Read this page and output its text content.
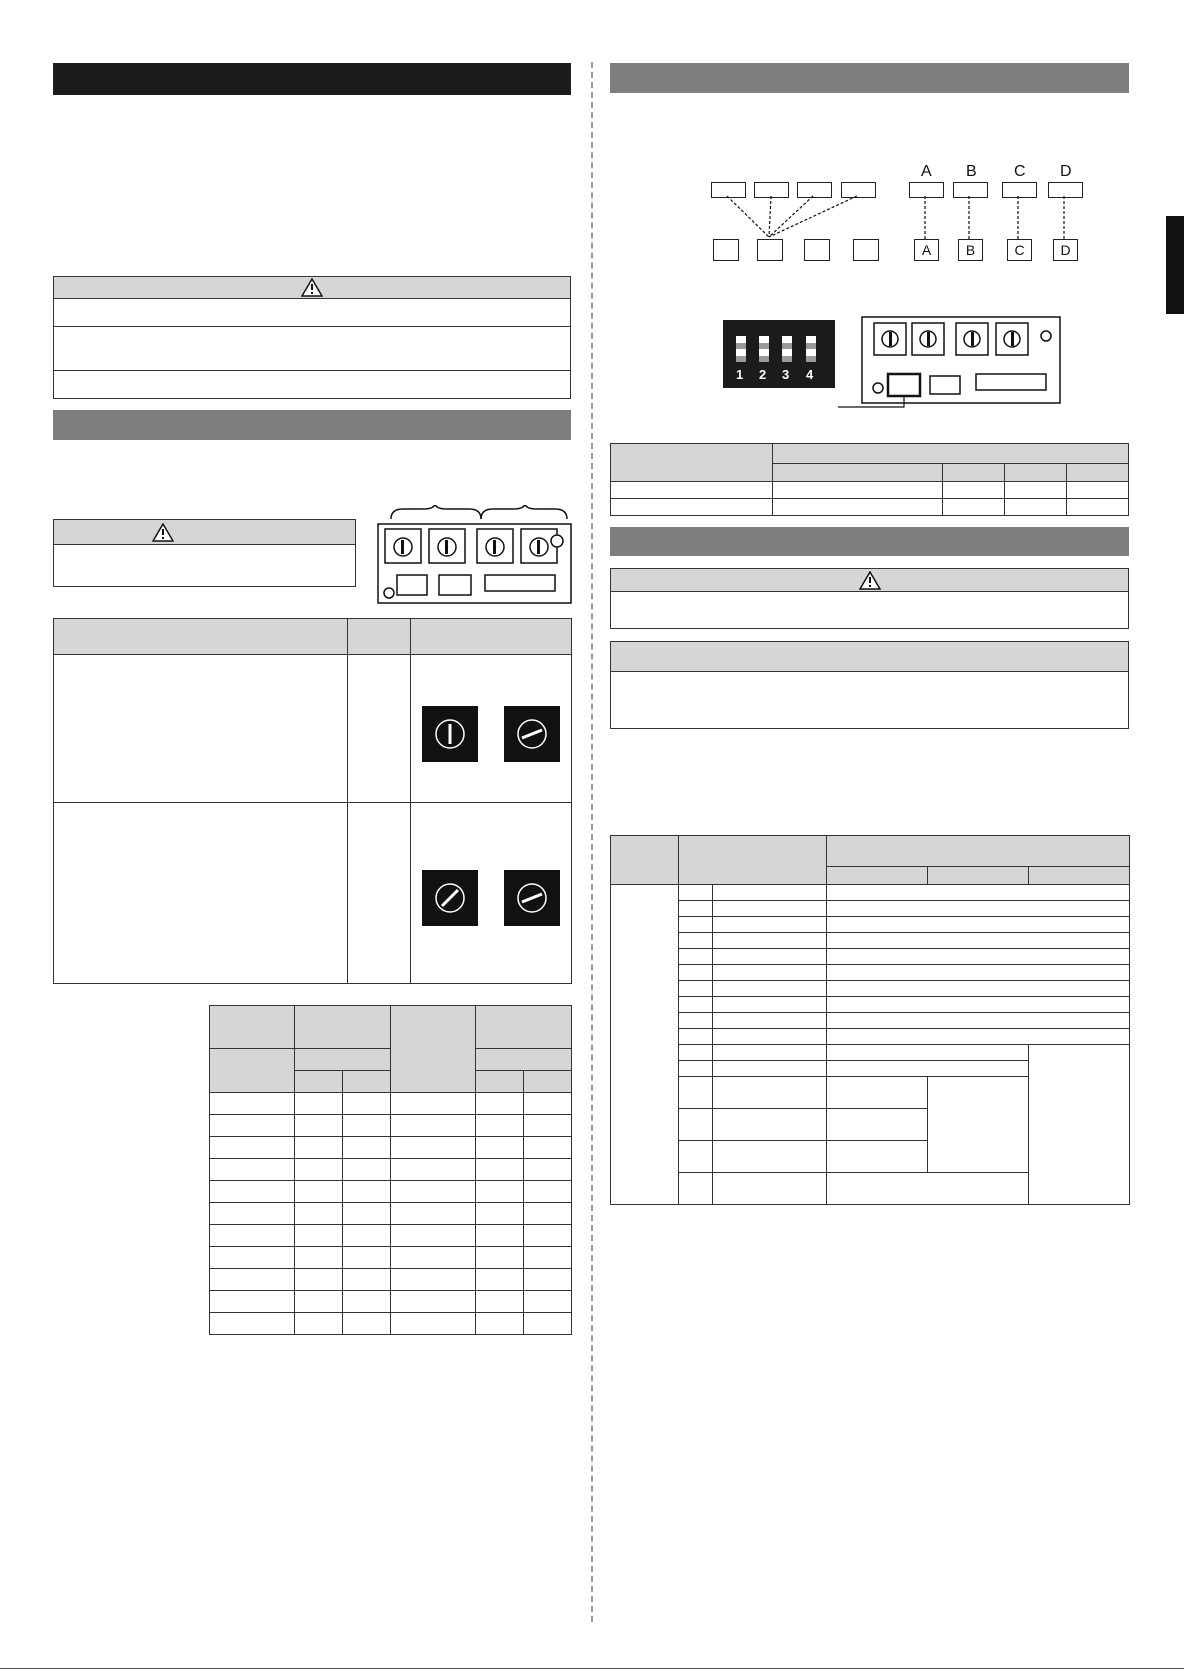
A B C D
A	B	C	D
1 2 3 4
